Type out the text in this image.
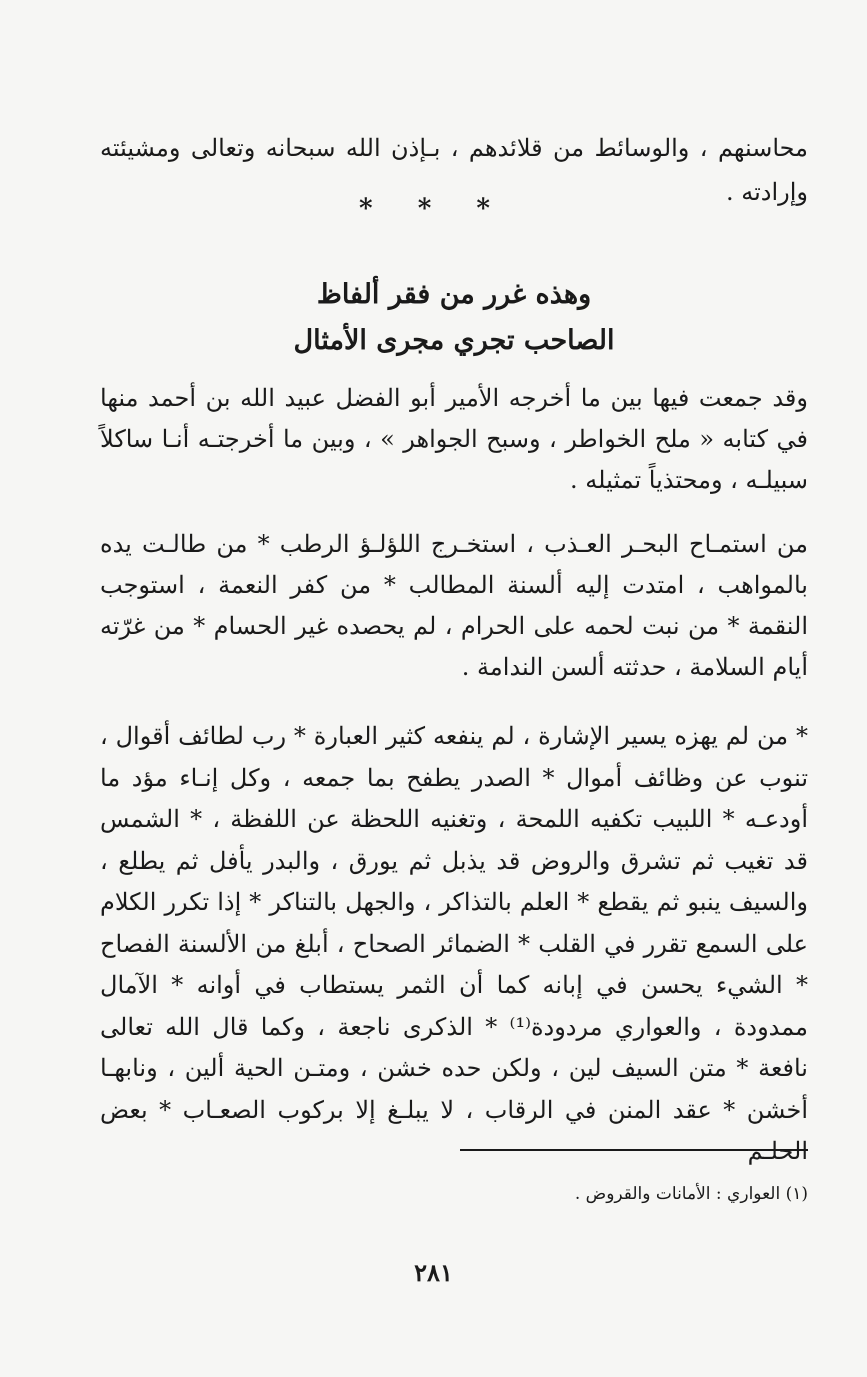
محاسنهم ، والوسائط من قلائدهم ، بـإذن الله سبحانه وتعالى ومشيئته وإرادته .
* * *
وهذه غرر من فقر ألفاظ
الصاحب تجري مجرى الأمثال
وقد جمعت فيها بين ما أخرجه الأمير أبو الفضل عبيد الله بن أحمد منها في كتابه « ملح الخواطر ، وسبح الجواهر » ، وبين ما أخرجتـه أنـا ساكلاً سبيلـه ، ومحتذياً تمثيله .
من استمـاح البحـر العـذب ، استخـرج اللؤلـؤ الرطب * من طالـت يده بالمواهب ، امتدت إليه ألسنة المطالب * من كفر النعمة ، استوجب النقمة * من نبت لحمه على الحرام ، لم يحصده غير الحسام * من غرّته أيام السلامة ، حدثته ألسن الندامة .
* من لم يهزه يسير الإشارة ، لم ينفعه كثير العبارة * رب لطائف أقوال ، تنوب عن وظائف أموال * الصدر يطفح بما جمعه ، وكل إنـاء مؤد ما أودعـه * اللبيب تكفيه اللمحة ، وتغنيه اللحظة عن اللفظة ، * الشمس قد تغيب ثم تشرق والروض قد يذبل ثم يورق ، والبدر يأفل ثم يطلع ، والسيف ينبو ثم يقطع * العلم بالتذاكر ، والجهل بالتناكر * إذا تكرر الكلام على السمع تقرر في القلب * الضمائر الصحاح ، أبلغ من الألسنة الفصاح * الشيء يحسن في إبانه كما أن الثمر يستطاب في أوانه * الآمال ممدودة ، والعواري مردودة⁽¹⁾ * الذكرى ناجعة ، وكما قال الله تعالى نافعة * متن السيف لين ، ولكن حده خشن ، ومتـن الحية ألين ، ونابهـا أخشن * عقد المنن في الرقاب ، لا يبلـغ إلا بركوب الصعـاب * بعض الحلـم
(١) العواري : الأمانات والقروض .
٢٨١
